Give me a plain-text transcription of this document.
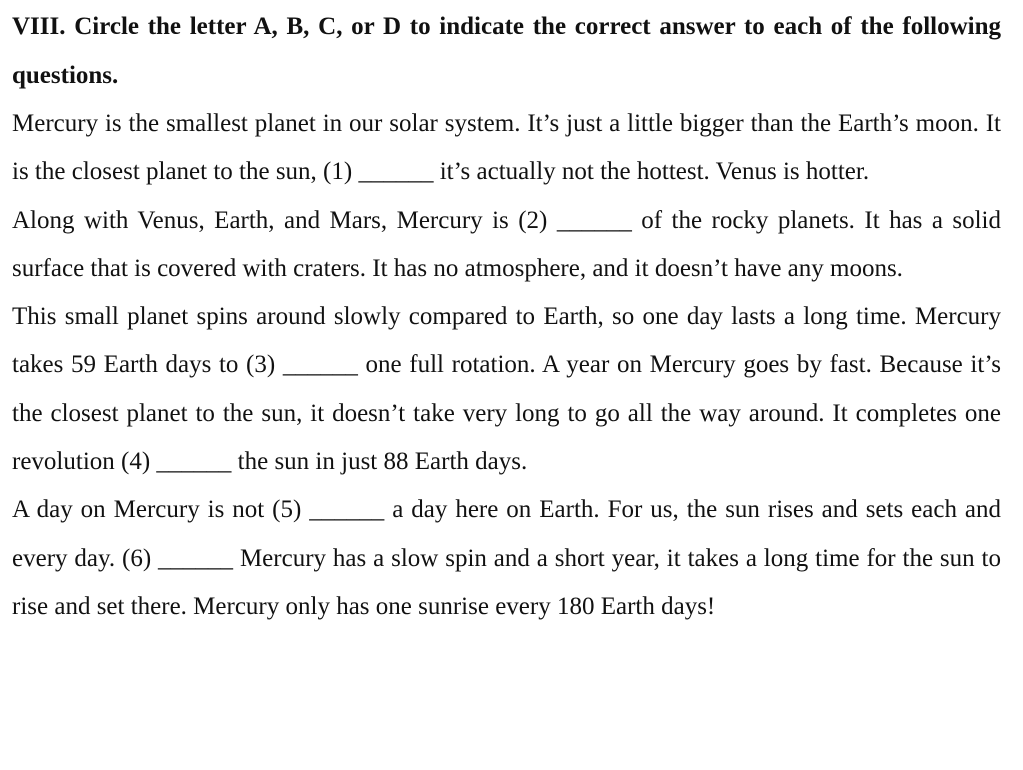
VIII. Circle the letter A, B, C, or D to indicate the correct answer to each of the following questions.

Mercury is the smallest planet in our solar system. It’s just a little bigger than the Earth’s moon. It is the closest planet to the sun, (1) ______ it’s actually not the hottest. Venus is hotter.

Along with Venus, Earth, and Mars, Mercury is (2) ______ of the rocky planets. It has a solid surface that is covered with craters. It has no atmosphere, and it doesn’t have any moons.

This small planet spins around slowly compared to Earth, so one day lasts a long time. Mercury takes 59 Earth days to (3) ______ one full rotation. A year on Mercury goes by fast. Because it’s the closest planet to the sun, it doesn’t take very long to go all the way around. It completes one revolution (4) ______ the sun in just 88 Earth days.

A day on Mercury is not (5) ______ a day here on Earth. For us, the sun rises and sets each and every day. (6) ______ Mercury has a slow spin and a short year, it takes a long time for the sun to rise and set there. Mercury only has one sunrise every 180 Earth days!
